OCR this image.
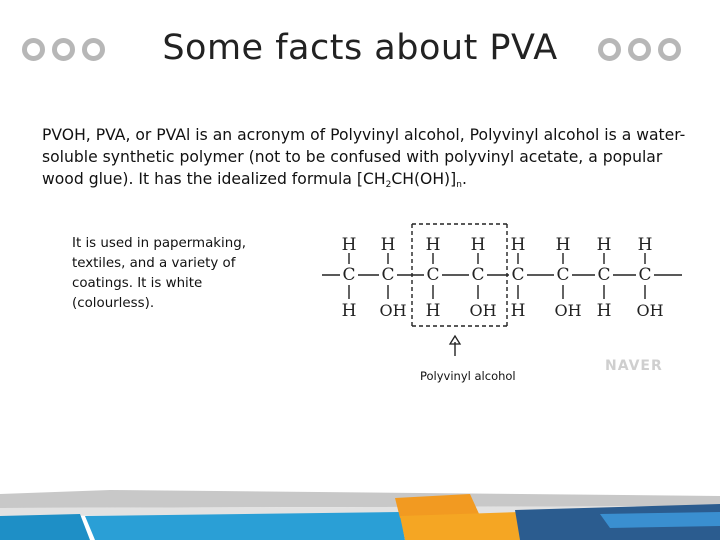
Some facts about PVA
PVOH, PVA, or PVAl is an acronym of Polyvinyl alcohol, Polyvinyl alcohol is a water-soluble synthetic polymer (not to be confused with polyvinyl acetate, a popular wood glue). It has the idealized formula $[CH_2CH(OH)]_n$.
It is used in papermaking, textiles, and a variety of coatings. It is white (colourless).
C
H
H
C
H
OH
C
H
H
C
H
OH
C
H
H
C
H
OH
C
H
H
C
H
OH
NAVER
Polyvinyl alcohol
